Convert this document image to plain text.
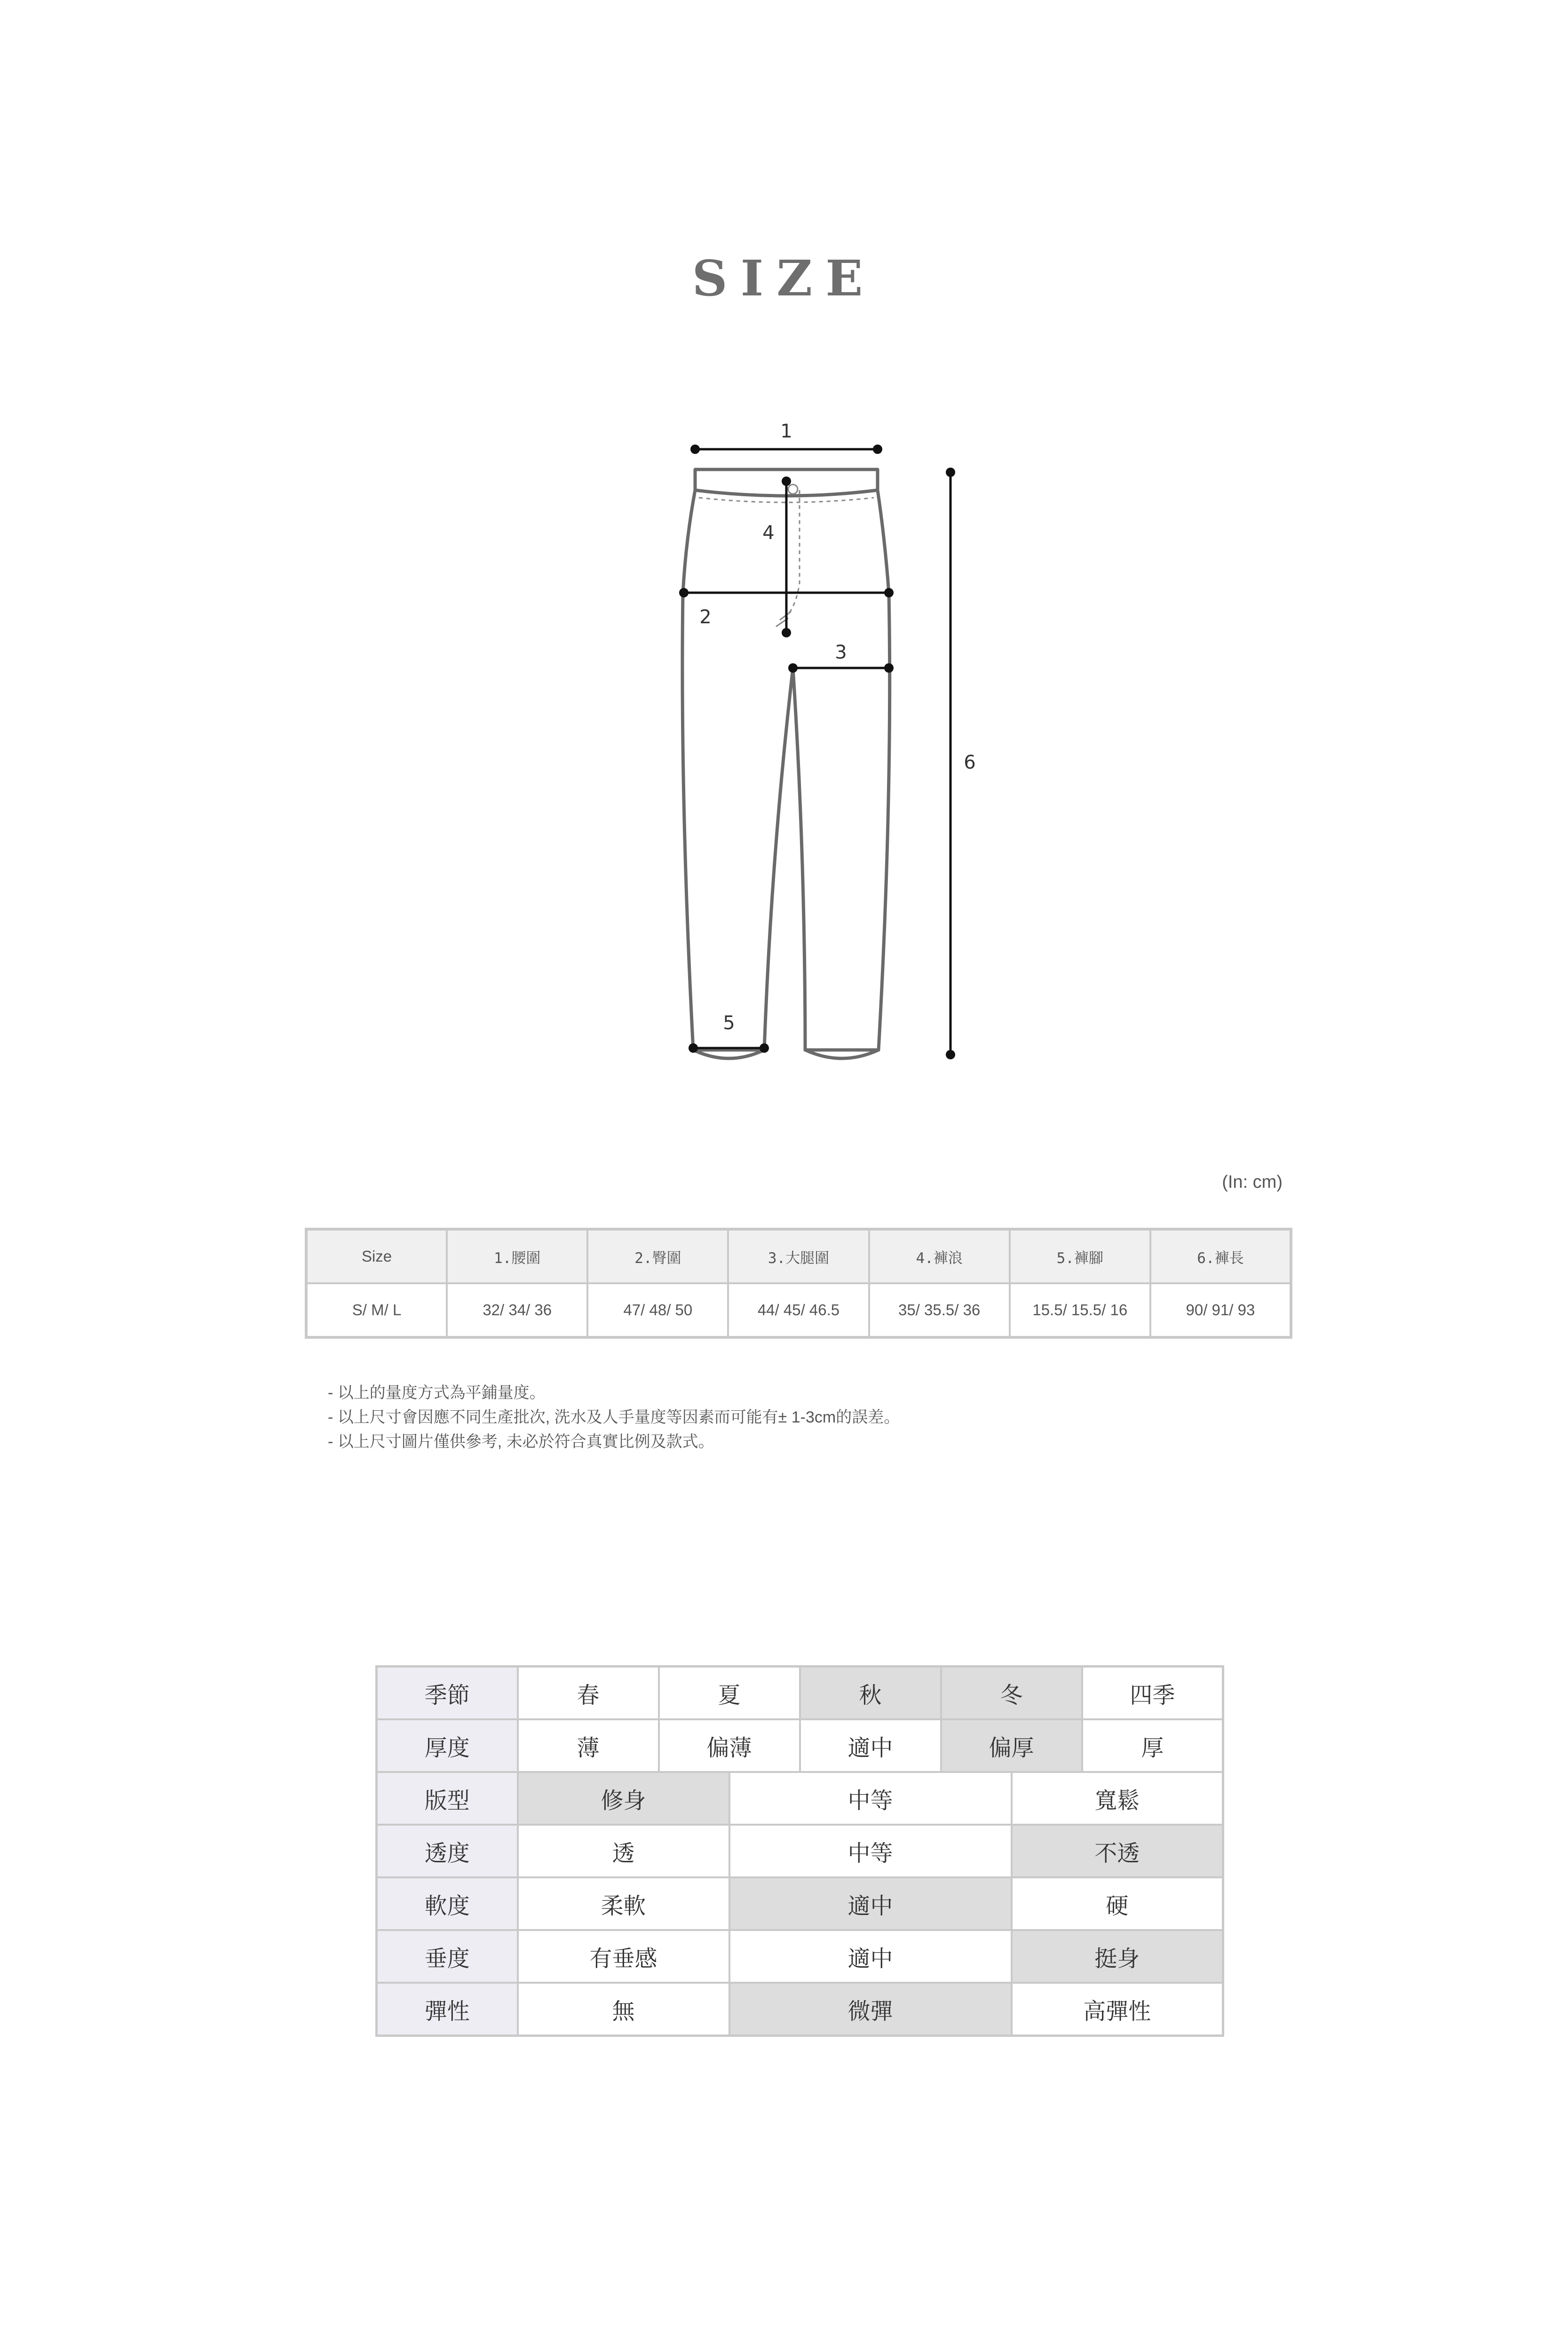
SIZE
1
2
3
4
5
6
(In: cm)
Size	1.腰圍	2.臀圍	3.大腿圍	4.褲浪	5.褲腳	6.褲長
S/ M/ L	32/ 34/ 36	47/ 48/ 50	44/ 45/ 46.5	35/ 35.5/ 36	15.5/ 15.5/ 16	90/ 91/ 93
- 以上的量度方式為平鋪量度。
- 以上尺寸會因應不同生產批次, 洗水及人手量度等因素而可能有± 1-3cm的誤差。
- 以上尺寸圖片僅供參考, 未必於符合真實比例及款式。
季節	春	夏		秋	冬		四季
厚度	薄	偏薄		適中	偏厚		厚
版型	修身		中等			寬鬆	
透度	透		中等			不透	
軟度	柔軟		適中			硬	
垂度	有垂感		適中			挺身	
彈性	無		微彈			高彈性	
